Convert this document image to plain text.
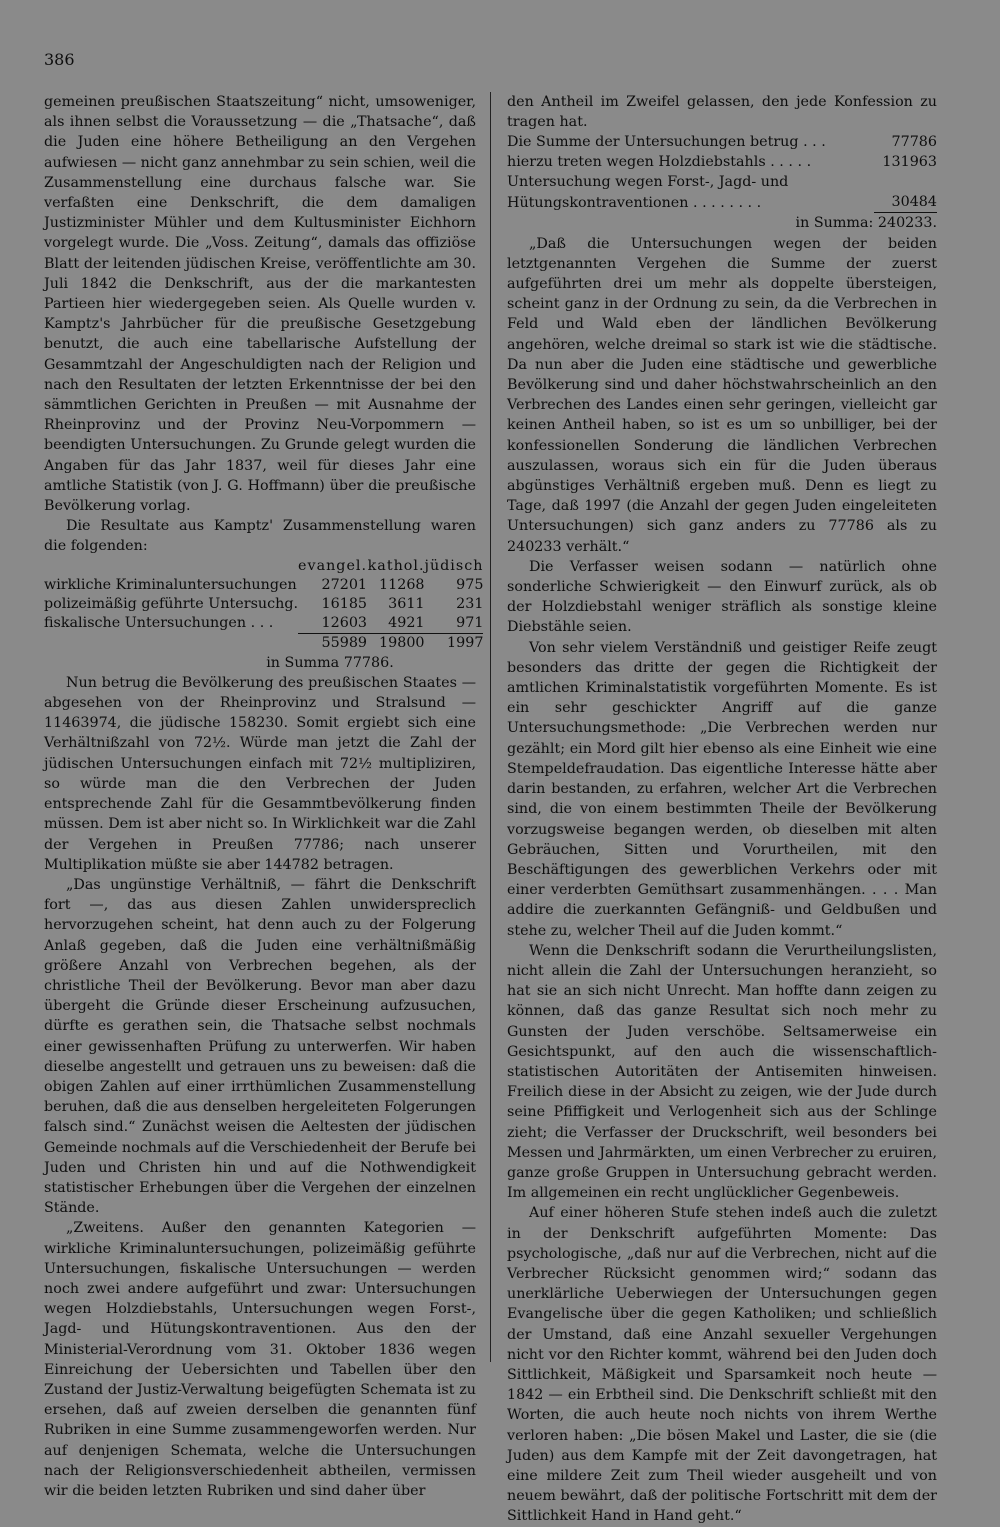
386

gemeinen preußischen Staatszeitung“ nicht, umsoweniger, als ihnen selbst die Voraussetzung — die „Thatsache“, daß die Juden eine höhere Betheiligung an den Vergehen aufwiesen — nicht ganz annehmbar zu sein schien, weil die Zusammenstellung eine durchaus falsche war. Sie verfaßten eine Denkschrift, die dem damaligen Justizminister Mühler und dem Kultusminister Eichhorn vorgelegt wurde. Die „Voss. Zeitung“, damals das offiziöse Blatt der leitenden jüdischen Kreise, veröffentlichte am 30. Juli 1842 die Denkschrift, aus der die markantesten Partieen hier wiedergegeben seien. Als Quelle wurden v. Kamptz's Jahrbücher für die preußische Gesetzgebung benutzt, die auch eine tabellarische Aufstellung der Gesammtzahl der Angeschuldigten nach der Religion und nach den Resultaten der letzten Erkenntnisse der bei den sämmtlichen Gerichten in Preußen — mit Ausnahme der Rheinprovinz und der Provinz Neu-Vorpommern — beendigten Untersuchungen. Zu Grunde gelegt wurden die Angaben für das Jahr 1837, weil für dieses Jahr eine amtliche Statistik (von J. G. Hoffmann) über die preußische Bevölkerung vorlag.

Die Resultate aus Kamptz' Zusammenstellung waren die folgenden:

	evangel.	kathol.	jüdisch
wirkliche Kriminaluntersuchungen	27201	11268	975
polizeimäßig geführte Untersuchg.	16185	3611	231
fiskalische Untersuchungen . . .	12603	4921	971
	55989	19800	1997
in Summa 77786.

Nun betrug die Bevölkerung des preußischen Staates — abgesehen von der Rheinprovinz und Stralsund — 11463974, die jüdische 158230. Somit ergiebt sich eine Verhältnißzahl von 72½. Würde man jetzt die Zahl der jüdischen Untersuchungen einfach mit 72½ multipliziren, so würde man die den Verbrechen der Juden entsprechende Zahl für die Gesammtbevölkerung finden müssen. Dem ist aber nicht so. In Wirklichkeit war die Zahl der Vergehen in Preußen 77786; nach unserer Multiplikation müßte sie aber 144782 betragen.

„Das ungünstige Verhältniß, — fährt die Denkschrift fort —, das aus diesen Zahlen unwiderspreclich hervorzugehen scheint, hat denn auch zu der Folgerung Anlaß gegeben, daß die Juden eine verhältnißmäßig größere Anzahl von Verbrechen begehen, als der christliche Theil der Bevölkerung. Bevor man aber dazu übergeht die Gründe dieser Erscheinung aufzusuchen, dürfte es gerathen sein, die Thatsache selbst nochmals einer gewissenhaften Prüfung zu unterwerfen. Wir haben dieselbe angestellt und getrauen uns zu beweisen: daß die obigen Zahlen auf einer irrthümlichen Zusammenstellung beruhen, daß die aus denselben hergeleiteten Folgerungen falsch sind.“ Zunächst weisen die Aeltesten der jüdischen Gemeinde nochmals auf die Verschiedenheit der Berufe bei Juden und Christen hin und auf die Nothwendigkeit statistischer Erhebungen über die Vergehen der einzelnen Stände.

„Zweitens. Außer den genannten Kategorien — wirkliche Kriminaluntersuchungen, polizeimäßig geführte Untersuchungen, fiskalische Untersuchungen — werden noch zwei andere aufgeführt und zwar: Untersuchungen wegen Holzdiebstahls, Untersuchungen wegen Forst-, Jagd- und Hütungskontraventionen. Aus den der Ministerial-Verordnung vom 31. Oktober 1836 wegen Einreichung der Uebersichten und Tabellen über den Zustand der Justiz-Verwaltung beigefügten Schemata ist zu ersehen, daß auf zweien derselben die genannten fünf Rubriken in eine Summe zusammengeworfen werden. Nur auf denjenigen Schemata, welche die Untersuchungen nach der Religionsverschiedenheit abtheilen, vermissen wir die beiden letzten Rubriken und sind daher über

den Antheil im Zweifel gelassen, den jede Konfession zu tragen hat.

Die Summe der Untersuchungen betrug . . .	77786
hierzu treten wegen Holzdiebstahls . . . . .	131963
Untersuchung wegen Forst-, Jagd- und	
Hütungskontraventionen . . . . . . . .	30484
in Summa: 240233.

„Daß die Untersuchungen wegen der beiden letztgenannten Vergehen die Summe der zuerst aufgeführten drei um mehr als doppelte übersteigen, scheint ganz in der Ordnung zu sein, da die Verbrechen in Feld und Wald eben der ländlichen Bevölkerung angehören, welche dreimal so stark ist wie die städtische. Da nun aber die Juden eine städtische und gewerbliche Bevölkerung sind und daher höchstwahrscheinlich an den Verbrechen des Landes einen sehr geringen, vielleicht gar keinen Antheil haben, so ist es um so unbilliger, bei der konfessionellen Sonderung die ländlichen Verbrechen auszulassen, woraus sich ein für die Juden überaus abgünstiges Verhältniß ergeben muß. Denn es liegt zu Tage, daß 1997 (die Anzahl der gegen Juden eingeleiteten Untersuchungen) sich ganz anders zu 77786 als zu 240233 verhält.“

Die Verfasser weisen sodann — natürlich ohne sonderliche Schwierigkeit — den Einwurf zurück, als ob der Holzdiebstahl weniger sträflich als sonstige kleine Diebstähle seien.

Von sehr vielem Verständniß und geistiger Reife zeugt besonders das dritte der gegen die Richtigkeit der amtlichen Kriminalstatistik vorgeführten Momente. Es ist ein sehr geschickter Angriff auf die ganze Untersuchungsmethode: „Die Verbrechen werden nur gezählt; ein Mord gilt hier ebenso als eine Einheit wie eine Stempeldefraudation. Das eigentliche Interesse hätte aber darin bestanden, zu erfahren, welcher Art die Verbrechen sind, die von einem bestimmten Theile der Bevölkerung vorzugsweise begangen werden, ob dieselben mit alten Gebräuchen, Sitten und Vorurtheilen, mit den Beschäftigungen des gewerblichen Verkehrs oder mit einer verderbten Gemüthsart zusammenhängen. . . . Man addire die zuerkannten Gefängniß- und Geldbußen und stehe zu, welcher Theil auf die Juden kommt.“

Wenn die Denkschrift sodann die Verurtheilungslisten, nicht allein die Zahl der Untersuchungen heranzieht, so hat sie an sich nicht Unrecht. Man hoffte dann zeigen zu können, daß das ganze Resultat sich noch mehr zu Gunsten der Juden verschöbe. Seltsamerweise ein Gesichtspunkt, auf den auch die wissenschaftlich-statistischen Autoritäten der Antisemiten hinweisen. Freilich diese in der Absicht zu zeigen, wie der Jude durch seine Pfiffigkeit und Verlogenheit sich aus der Schlinge zieht; die Verfasser der Druckschrift, weil besonders bei Messen und Jahrmärkten, um einen Verbrecher zu eruiren, ganze große Gruppen in Untersuchung gebracht werden. Im allgemeinen ein recht unglücklicher Gegenbeweis.

Auf einer höheren Stufe stehen indeß auch die zuletzt in der Denkschrift aufgeführten Momente: Das psychologische, „daß nur auf die Verbrechen, nicht auf die Verbrecher Rücksicht genommen wird;“ sodann das unerklärliche Ueberwiegen der Untersuchungen gegen Evangelische über die gegen Katholiken; und schließlich der Umstand, daß eine Anzahl sexueller Vergehungen nicht vor den Richter kommt, während bei den Juden doch Sittlichkeit, Mäßigkeit und Sparsamkeit noch heute — 1842 — ein Erbtheil sind. Die Denkschrift schließt mit den Worten, die auch heute noch nichts von ihrem Werthe verloren haben: „Die bösen Makel und Laster, die sie (die Juden) aus dem Kampfe mit der Zeit davongetragen, hat eine mildere Zeit zum Theil wieder ausgeheilt und von neuem bewährt, daß der politische Fortschritt mit dem der Sittlichkeit Hand in Hand geht.“
